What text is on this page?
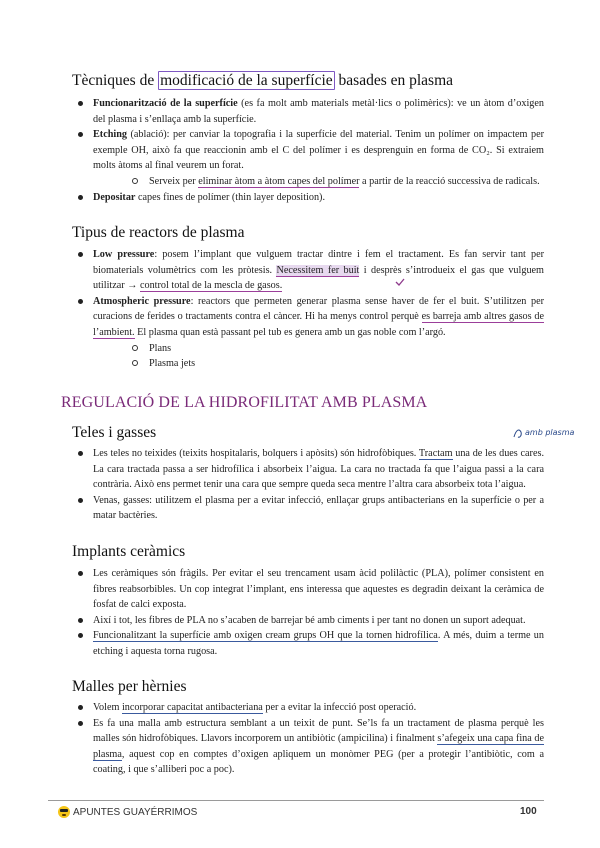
Tècniques de modificació de la superfície basades en plasma
Funcionarització de la superfície (es fa molt amb materials metàl·lics o polimèrics): ve un àtom d’oxigen del plasma i s’enllaça amb la superfície.
Etching (ablació): per canviar la topografia i la superfície del material. Tenim un polímer on impactem per exemple OH, això fa que reaccionin amb el C del polímer i es desprenguin en forma de CO₂. Si extraiem molts àtoms al final veurem un forat.
Serveix per eliminar àtom a àtom capes del polímer a partir de la reacció successiva de radicals.
Depositar capes fines de polímer (thin layer deposition).
Tipus de reactors de plasma
Low pressure: posem l’implant que vulguem tractar dintre i fem el tractament. Es fan servir tant per biomaterials volumètrics com les pròtesis. Necessitem fer buit i desprès s’introdueix el gas que vulguem utilitzar → control total de la mescla de gasos.
Atmospheric pressure: reactors que permeten generar plasma sense haver de fer el buit. S’utilitzen per curacions de ferides o tractaments contra el càncer. Hi ha menys control perquè es barreja amb altres gasos de l’ambient. El plasma quan està passant pel tub es genera amb un gas noble com l’argó.
Plans
Plasma jets
REGULACIÓ DE LA HIDROFILITAT AMB PLASMA
amb plasma
Teles i gasses
Les teles no teixides (teixits hospitalaris, bolquers i apòsits) són hidrofòbiques. Tractam una de les dues cares. La cara tractada passa a ser hidrofílica i absorbeix l’aigua. La cara no tractada fa que l’aigua passi a la cara contrària. Això ens permet tenir una cara que sempre queda seca mentre l’altra cara absorbeix tota l’aigua.
Venas, gasses: utilitzem el plasma per a evitar infecció, enllaçar grups antibacterians en la superfície o per a matar bactèries.
Implants ceràmics
Les ceràmiques són fràgils. Per evitar el seu trencament usam àcid polilàctic (PLA), polímer consistent en fibres reabsorbibles. Un cop integrat l’implant, ens interessa que aquestes es degradin deixant la ceràmica de fosfat de calci exposta.
Així i tot, les fibres de PLA no s’acaben de barrejar bé amb ciments i per tant no donen un suport adequat.
Funcionalitzant la superfície amb oxigen cream grups OH que la tornen hidrofílica. A més, duim a terme un etching i aquesta torna rugosa.
Malles per hèrnies
Volem incorporar capacitat antibacteriana per a evitar la infecció post operació.
Es fa una malla amb estructura semblant a un teixit de punt. Se’ls fa un tractament de plasma perquè les malles són hidrofòbiques. Llavors incorporem un antibiòtic (ampicilina) i finalment s’afegeix una capa fina de plasma, aquest cop en comptes d’oxigen apliquem un monòmer PEG (per a protegir l’antibiòtic, com a coating, i que s’alliberi poc a poc).
APUNTES GUAYÉRRIMOS	100
